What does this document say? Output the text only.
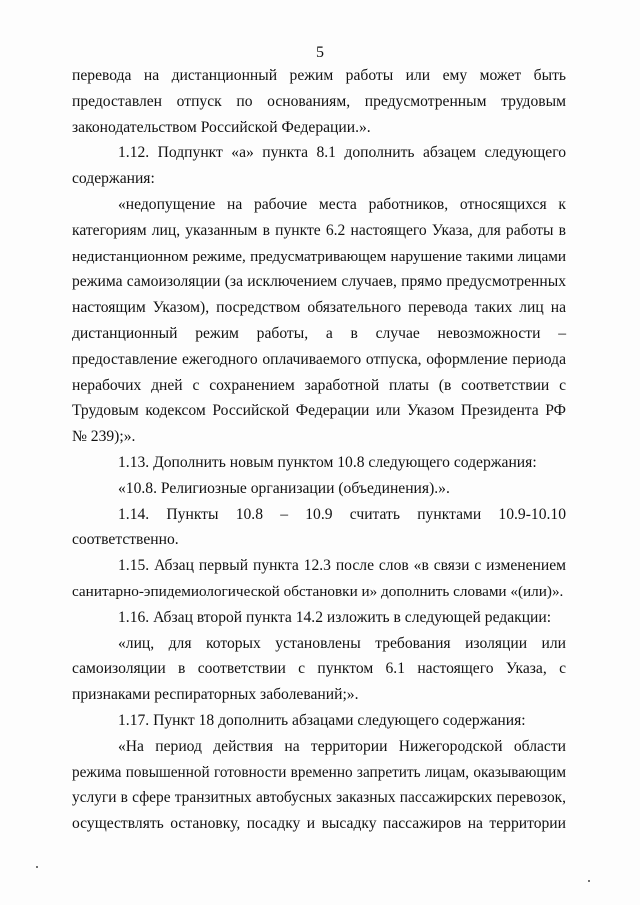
5
перевода на дистанционный режим работы или ему может быть
предоставлен отпуск по основаниям, предусмотренным трудовым
законодательством Российской Федерации.».
1.12. Подпункт «а» пункта 8.1 дополнить абзацем следующего
содержания:
«недопущение на рабочие места работников, относящихся к
категориям лиц, указанным в пункте 6.2 настоящего Указа, для работы в
недистанционном режиме, предусматривающем нарушение такими лицами
режима самоизоляции (за исключением случаев, прямо предусмотренных
настоящим Указом), посредством обязательного перевода таких лиц на
дистанционный режим работы, а в случае невозможности –
предоставление ежегодного оплачиваемого отпуска, оформление периода
нерабочих дней с сохранением заработной платы (в соответствии с
Трудовым кодексом Российской Федерации или Указом Президента РФ
№ 239);».
1.13. Дополнить новым пунктом 10.8 следующего содержания:
«10.8. Религиозные организации (объединения).».
1.14. Пункты 10.8 – 10.9 считать пунктами 10.9-10.10
соответственно.
1.15. Абзац первый пункта 12.3 после слов «в связи с изменением
санитарно-эпидемиологической обстановки и» дополнить словами «(или)».
1.16. Абзац второй пункта 14.2 изложить в следующей редакции:
«лиц, для которых установлены требования изоляции или
самоизоляции в соответствии с пунктом 6.1 настоящего Указа, с
признаками респираторных заболеваний;».
1.17. Пункт 18 дополнить абзацами следующего содержания:
«На период действия на территории Нижегородской области
режима повышенной готовности временно запретить лицам, оказывающим
услуги в сфере транзитных автобусных заказных пассажирских перевозок,
осуществлять остановку, посадку и высадку пассажиров на территории
